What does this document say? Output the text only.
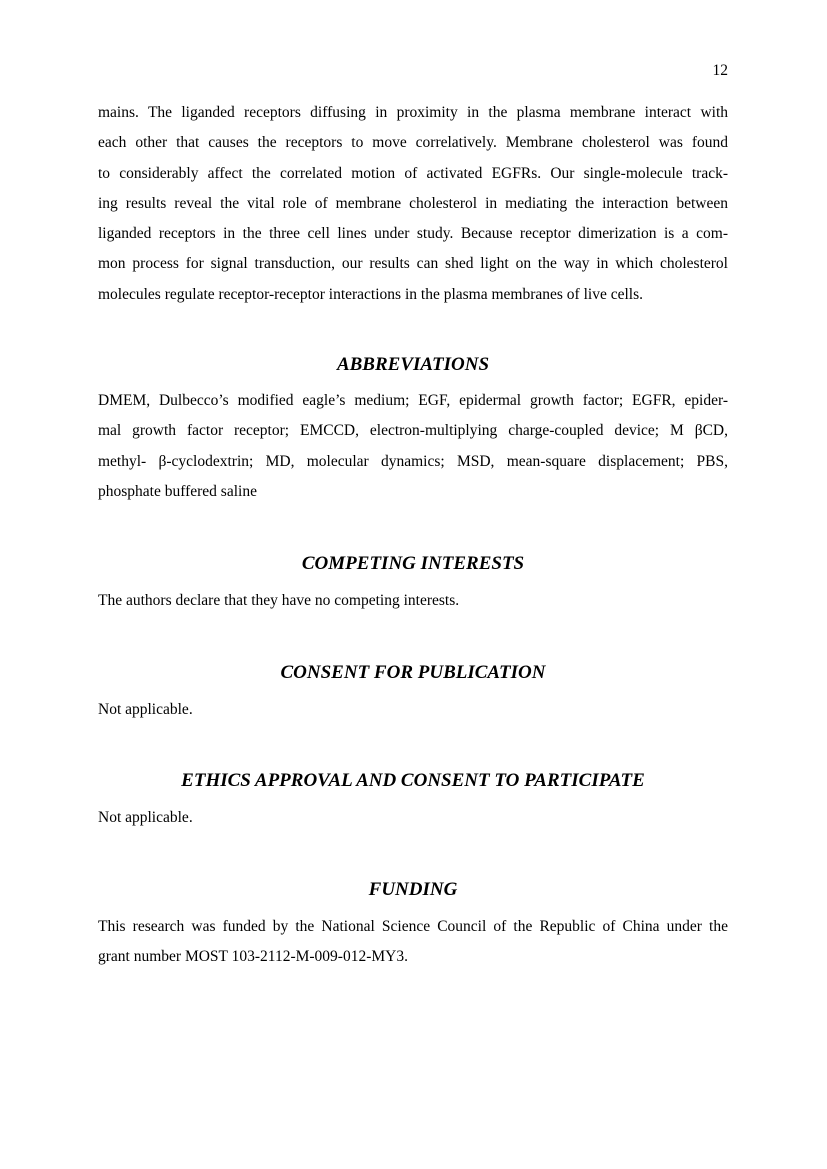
12

mains. The liganded receptors diffusing in proximity in the plasma membrane interact with
each other that causes the receptors to move correlatively. Membrane cholesterol was found
to considerably affect the correlated motion of activated EGFRs. Our single-molecule track-
ing results reveal the vital role of membrane cholesterol in mediating the interaction between
liganded receptors in the three cell lines under study. Because receptor dimerization is a com-
mon process for signal transduction, our results can shed light on the way in which cholesterol
molecules regulate receptor-receptor interactions in the plasma membranes of live cells.

ABBREVIATIONS

DMEM, Dulbecco’s modified eagle’s medium; EGF, epidermal growth factor; EGFR, epider-
mal growth factor receptor; EMCCD, electron-multiplying charge-coupled device; M βCD,
methyl- β-cyclodextrin; MD, molecular dynamics; MSD, mean-square displacement; PBS,
phosphate buffered saline

COMPETING INTERESTS

The authors declare that they have no competing interests.

CONSENT FOR PUBLICATION

Not applicable.

ETHICS APPROVAL AND CONSENT TO PARTICIPATE

Not applicable.

FUNDING

This research was funded by the National Science Council of the Republic of China under the
grant number MOST 103-2112-M-009-012-MY3.
